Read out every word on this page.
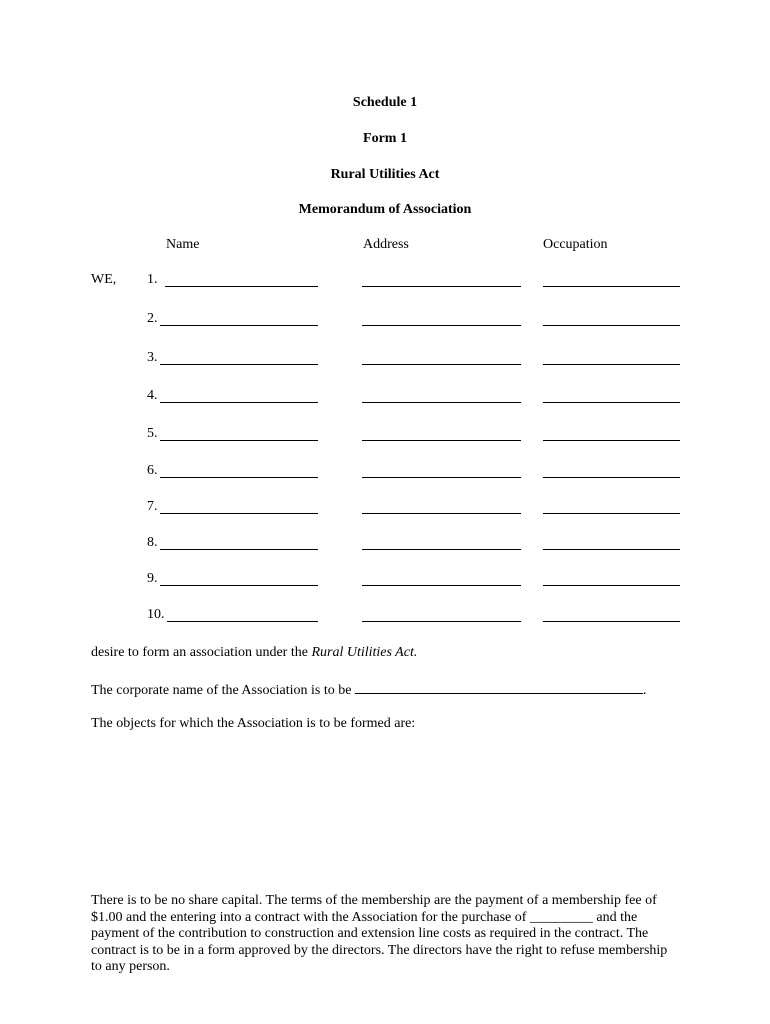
Schedule 1
Form 1
Rural Utilities Act
Memorandum of Association
Name	Address	Occupation
WE, 1.
2.
3.
4.
5.
6.
7.
8.
9.
10.
desire to form an association under the Rural Utilities Act.
The corporate name of the Association is to be	.
The objects for which the Association is to be formed are:
There is to be no share capital. The terms of the membership are the payment of a membership fee of $1.00 and the entering into a contract with the Association for the purchase of _________ and the payment of the contribution to construction and extension line costs as required in the contract. The contract is to be in a form approved by the directors. The directors have the right to refuse membership to any person.
